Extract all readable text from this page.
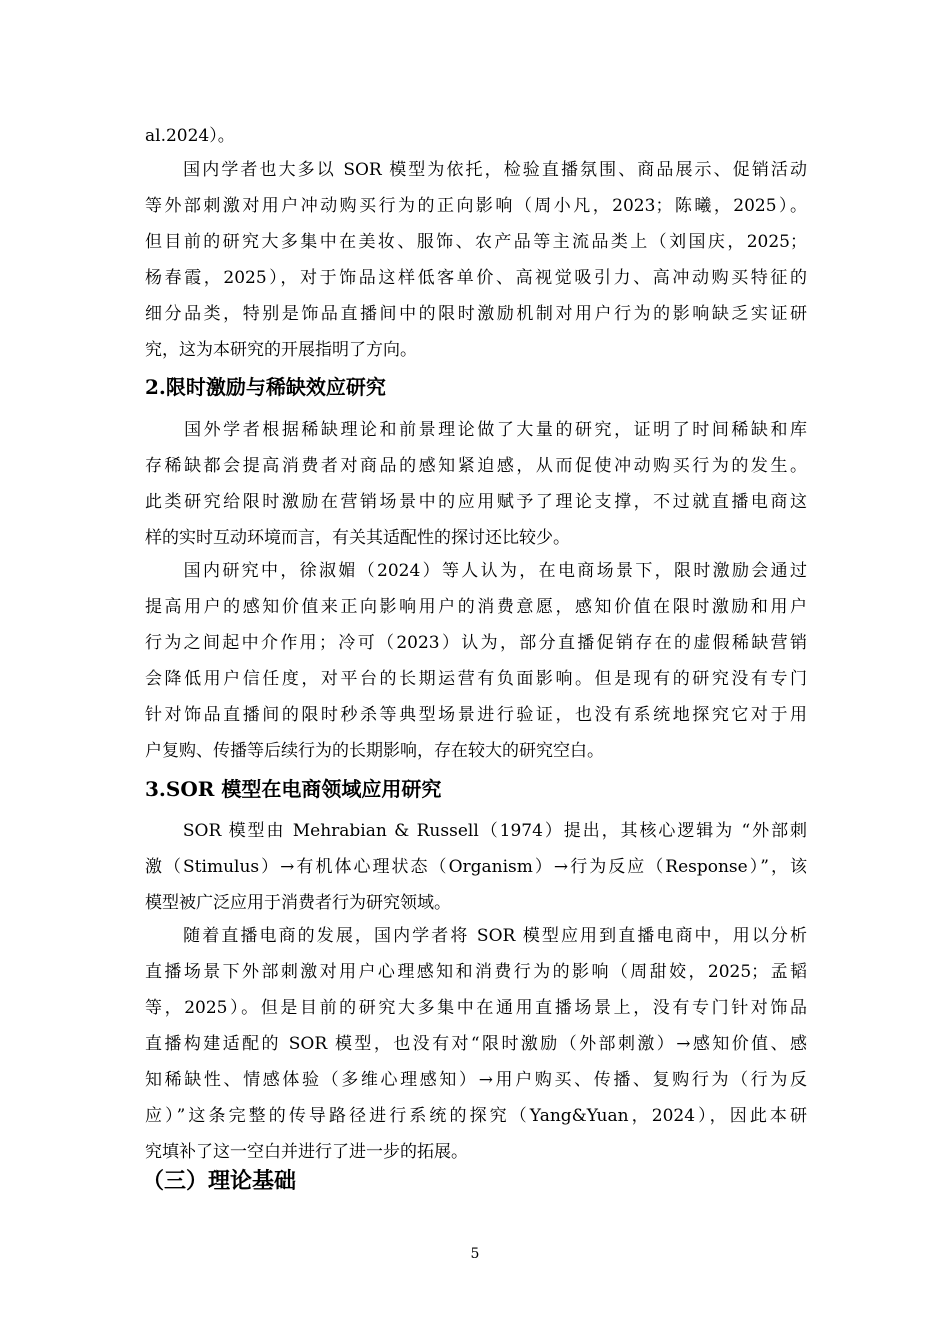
al.2024）。
　　国内学者也大多以 SOR 模型为依托，检验直播氛围、商品展示、促销活动
等外部刺激对用户冲动购买行为的正向影响（周小凡，2023；陈曦，2025）。
但目前的研究大多集中在美妆、服饰、农产品等主流品类上（刘国庆，2025；
杨春霞，2025），对于饰品这样低客单价、高视觉吸引力、高冲动购买特征的
细分品类，特别是饰品直播间中的限时激励机制对用户行为的影响缺乏实证研
究，这为本研究的开展指明了方向。
2.限时激励与稀缺效应研究
　　国外学者根据稀缺理论和前景理论做了大量的研究，证明了时间稀缺和库
存稀缺都会提高消费者对商品的感知紧迫感，从而促使冲动购买行为的发生。
此类研究给限时激励在营销场景中的应用赋予了理论支撑，不过就直播电商这
样的实时互动环境而言，有关其适配性的探讨还比较少。
　　国内研究中，徐淑媚（2024）等人认为，在电商场景下，限时激励会通过
提高用户的感知价值来正向影响用户的消费意愿，感知价值在限时激励和用户
行为之间起中介作用；冷可（2023）认为，部分直播促销存在的虚假稀缺营销
会降低用户信任度，对平台的长期运营有负面影响。但是现有的研究没有专门
针对饰品直播间的限时秒杀等典型场景进行验证，也没有系统地探究它对于用
户复购、传播等后续行为的长期影响，存在较大的研究空白。
3.SOR 模型在电商领域应用研究
　　SOR 模型由 Mehrabian & Russell（1974）提出，其核心逻辑为 “外部刺
激（Stimulus）→有机体心理状态（Organism）→行为反应（Response）”，该
模型被广泛应用于消费者行为研究领域。
　　随着直播电商的发展，国内学者将 SOR 模型应用到直播电商中，用以分析
直播场景下外部刺激对用户心理感知和消费行为的影响（周甜姣，2025；孟韬
等，2025）。但是目前的研究大多集中在通用直播场景上，没有专门针对饰品
直播构建适配的 SOR 模型，也没有对“限时激励（外部刺激）→感知价值、感
知稀缺性、情感体验（多维心理感知）→用户购买、传播、复购行为（行为反
应）”这条完整的传导路径进行系统的探究（Yang&Yuan，2024），因此本研
究填补了这一空白并进行了进一步的拓展。
（三）理论基础
5
